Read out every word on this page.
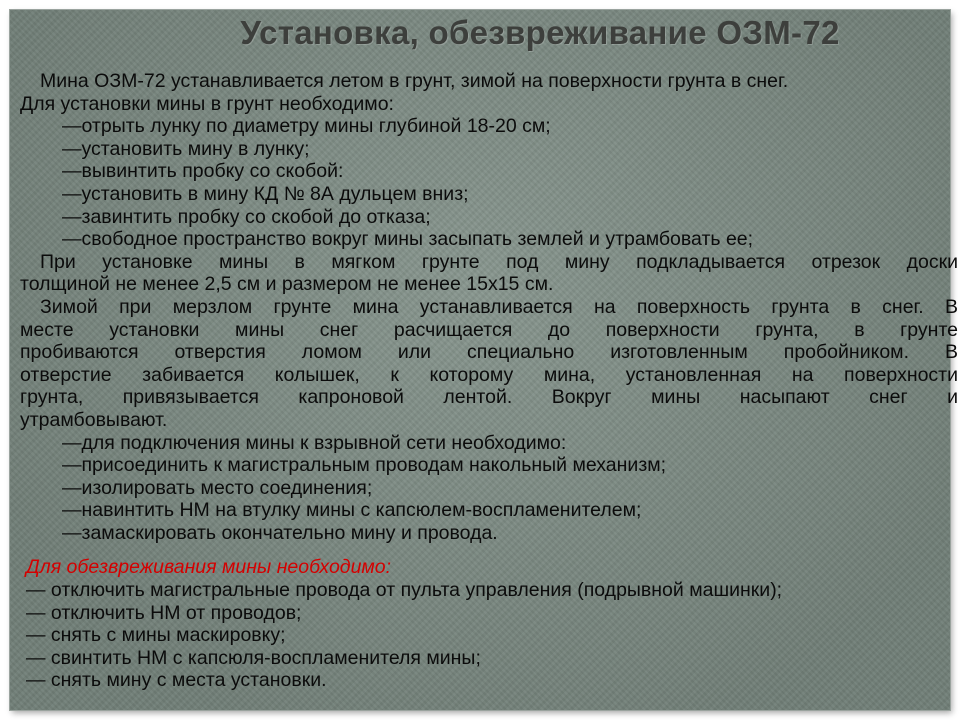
Установка, обезвреживание ОЗМ-72
Мина ОЗМ-72 устанавливается летом в грунт, зимой на поверхности грунта в снег.
Для установки мины в грунт необходимо:
—отрыть лунку по диаметру мины глубиной 18-20 см;
—установить мину в лунку;
—вывинтить пробку со скобой:
—установить в мину КД № 8А дульцем вниз;
—завинтить пробку со скобой до отказа;
—свободное пространство вокруг мины засыпать землей и утрамбовать ее;
При установке мины в мягком грунте под мину подкладывается отрезок доски
толщиной не менее 2,5 см и размером не менее 15х15 см.
Зимой при мерзлом грунте мина устанавливается на поверхность грунта в снег. В
месте установки мины снег расчищается до поверхности грунта, в грунте
пробиваются отверстия ломом или специально изготовленным пробойником. В
отверстие забивается колышек, к которому мина, установленная на поверхности
грунта, привязывается капроновой лентой. Вокруг мины насыпают снег и
утрамбовывают.
—для подключения мины к взрывной сети необходимо:
—присоединить к магистральным проводам накольный механизм;
—изолировать место соединения;
—навинтить НМ на втулку мины с капсюлем-воспламенителем;
—замаскировать окончательно мину и провода.
Для обезвреживания мины необходимо:
— отключить магистральные провода от пульта управления (подрывной машинки);
— отключить НМ от проводов;
— снять с мины маскировку;
— свинтить НМ с капсюля-воспламенителя мины;
— снять мину с места установки.
